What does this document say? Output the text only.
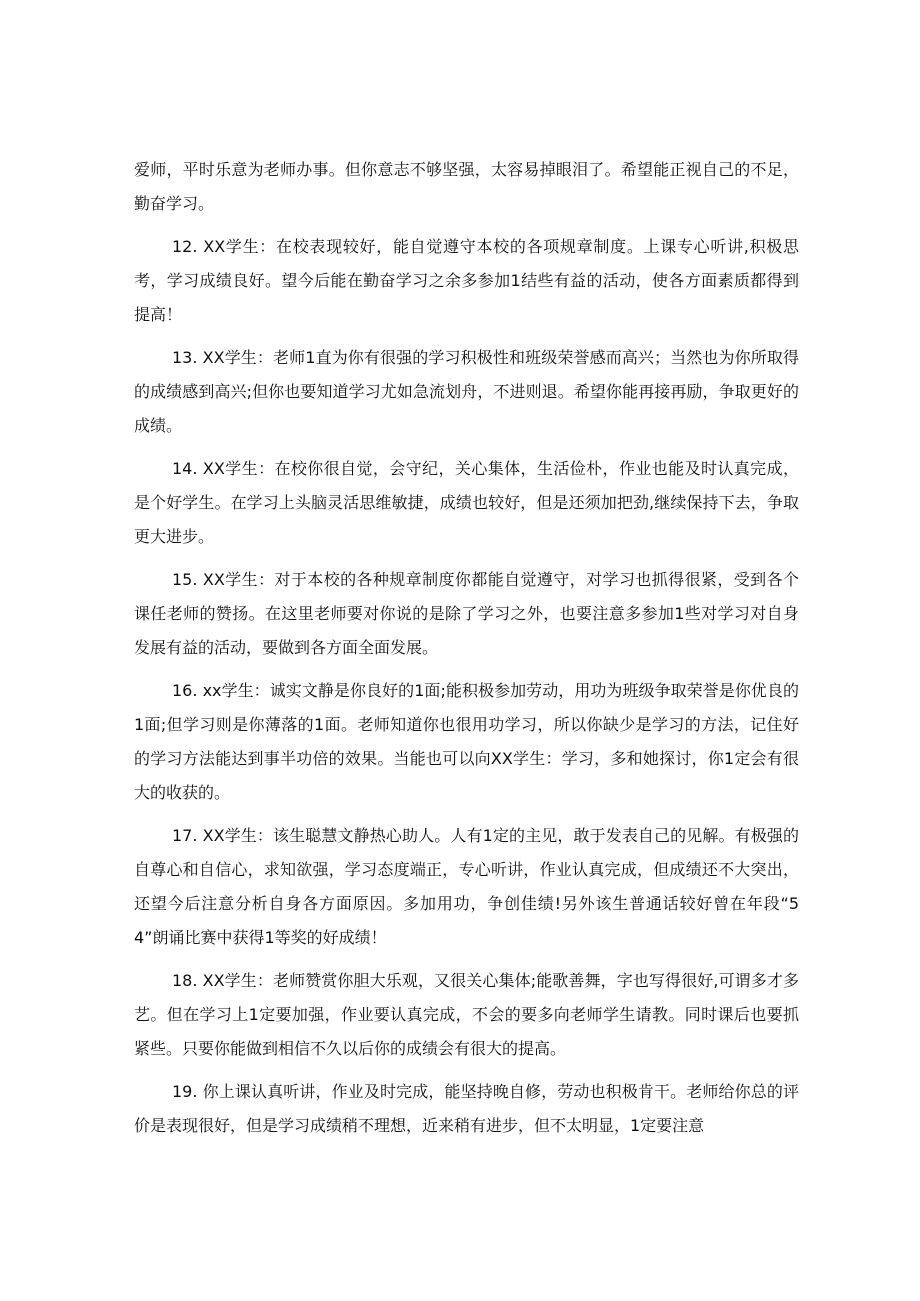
爱师，平时乐意为老师办事。但你意志不够坚强，太容易掉眼泪了。希望能正视自己的不足，勤奋学习。

12. XX学生：在校表现较好，能自觉遵守本校的各项规章制度。上课专心听讲,积极思考，学习成绩良好。望今后能在勤奋学习之余多参加1结些有益的活动，使各方面素质都得到提高！

13. XX学生：老师1直为你有很强的学习积极性和班级荣誉感而高兴；当然也为你所取得的成绩感到高兴;但你也要知道学习尤如急流划舟，不进则退。希望你能再接再励，争取更好的成绩。

14. XX学生：在校你很自觉，会守纪，关心集体，生活俭朴，作业也能及时认真完成，是个好学生。在学习上头脑灵活思维敏捷，成绩也较好，但是还须加把劲,继续保持下去，争取更大进步。

15. XX学生：对于本校的各种规章制度你都能自觉遵守，对学习也抓得很紧，受到各个课任老师的赞扬。在这里老师要对你说的是除了学习之外，也要注意多参加1些对学习对自身发展有益的活动，要做到各方面全面发展。

16. xx学生：诚实文静是你良好的1面;能积极参加劳动，用功为班级争取荣誉是你优良的1面;但学习则是你薄落的1面。老师知道你也很用功学习，所以你缺少是学习的方法，记住好的学习方法能达到事半功倍的效果。当能也可以向XX学生：学习，多和她探讨，你1定会有很大的收获的。

17. XX学生：该生聪慧文静热心助人。人有1定的主见，敢于发表自己的见解。有极强的自尊心和自信心，求知欲强，学习态度端正，专心听讲，作业认真完成，但成绩还不大突出，还望今后注意分析自身各方面原因。多加用功，争创佳绩!另外该生普通话较好曾在年段“54”朗诵比赛中获得1等奖的好成绩！

18. XX学生：老师赞赏你胆大乐观，又很关心集体;能歌善舞，字也写得很好,可谓多才多艺。但在学习上1定要加强，作业要认真完成，不会的要多向老师学生请教。同时课后也要抓紧些。只要你能做到相信不久以后你的成绩会有很大的提高。

19. 你上课认真听讲，作业及时完成，能坚持晚自修，劳动也积极肯干。老师给你总的评价是表现很好，但是学习成绩稍不理想，近来稍有进步，但不太明显，1定要注意
